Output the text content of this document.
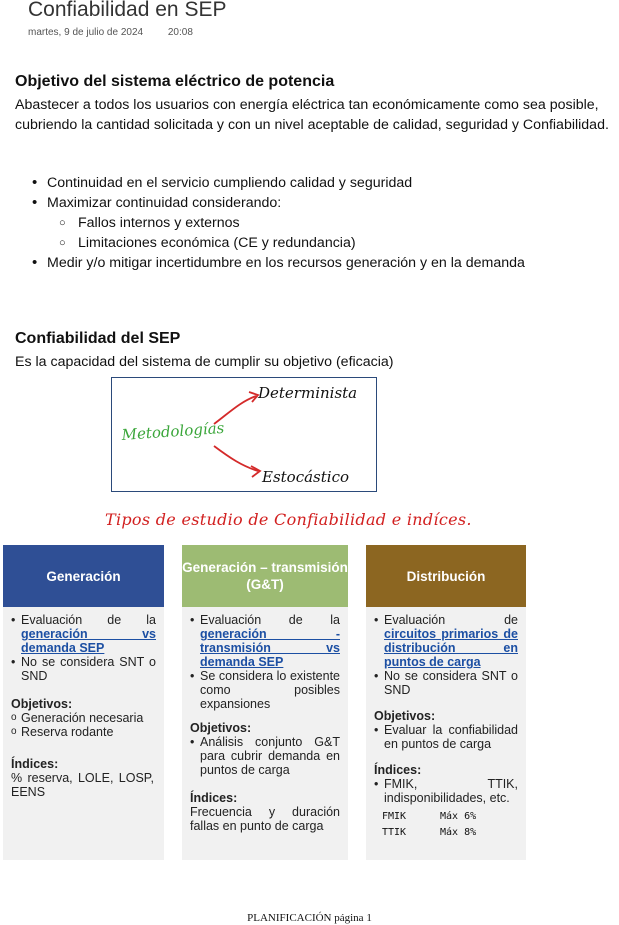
Confiabilidad en SEP
martes, 9 de julio de 2024 20:08
Objetivo del sistema eléctrico de potencia
Abastecer a todos los usuarios con energía eléctrica tan económicamente como sea posible, cubriendo la cantidad solicitada y con un nivel aceptable de calidad, seguridad y Confiabilidad.
• Continuidad en el servicio cumpliendo calidad y seguridad
• Maximizar continuidad considerando:
○ Fallos internos y externos
○ Limitaciones económica (CE y redundancia)
• Medir y/o mitigar incertidumbre en los recursos generación y en la demanda
Confiabilidad del SEP
Es la capacidad del sistema de cumplir su objetivo (eficacia)
Metodologías
Determinista
Estocástico
Tipos de estudio de Confiabilidad e indíces.
Generación
• Evaluación de la generación vs demanda SEP
• No se considera SNT o SND
Objetivos:
o Generación necesaria
o Reserva rodante
Índices:
% reserva, LOLE, LOSP, EENS
Generación – transmisión (G&T)
• Evaluación de la generación - transmisión vs demanda SEP
• Se considera lo existente como posibles expansiones
Objetivos:
• Análisis conjunto G&T para cubrir demanda en puntos de carga
Índices:
Frecuencia y duración fallas en punto de carga
Distribución
• Evaluación de circuitos primarios de distribución en puntos de carga
• No se considera SNT o SND
Objetivos:
• Evaluar la confiabilidad en puntos de carga
Índices:
• FMIK, TTIK, indisponibilidades, etc.
FMIK	Máx 6%
TTIK	Máx 8%
PLANIFICACIÓN página 1
